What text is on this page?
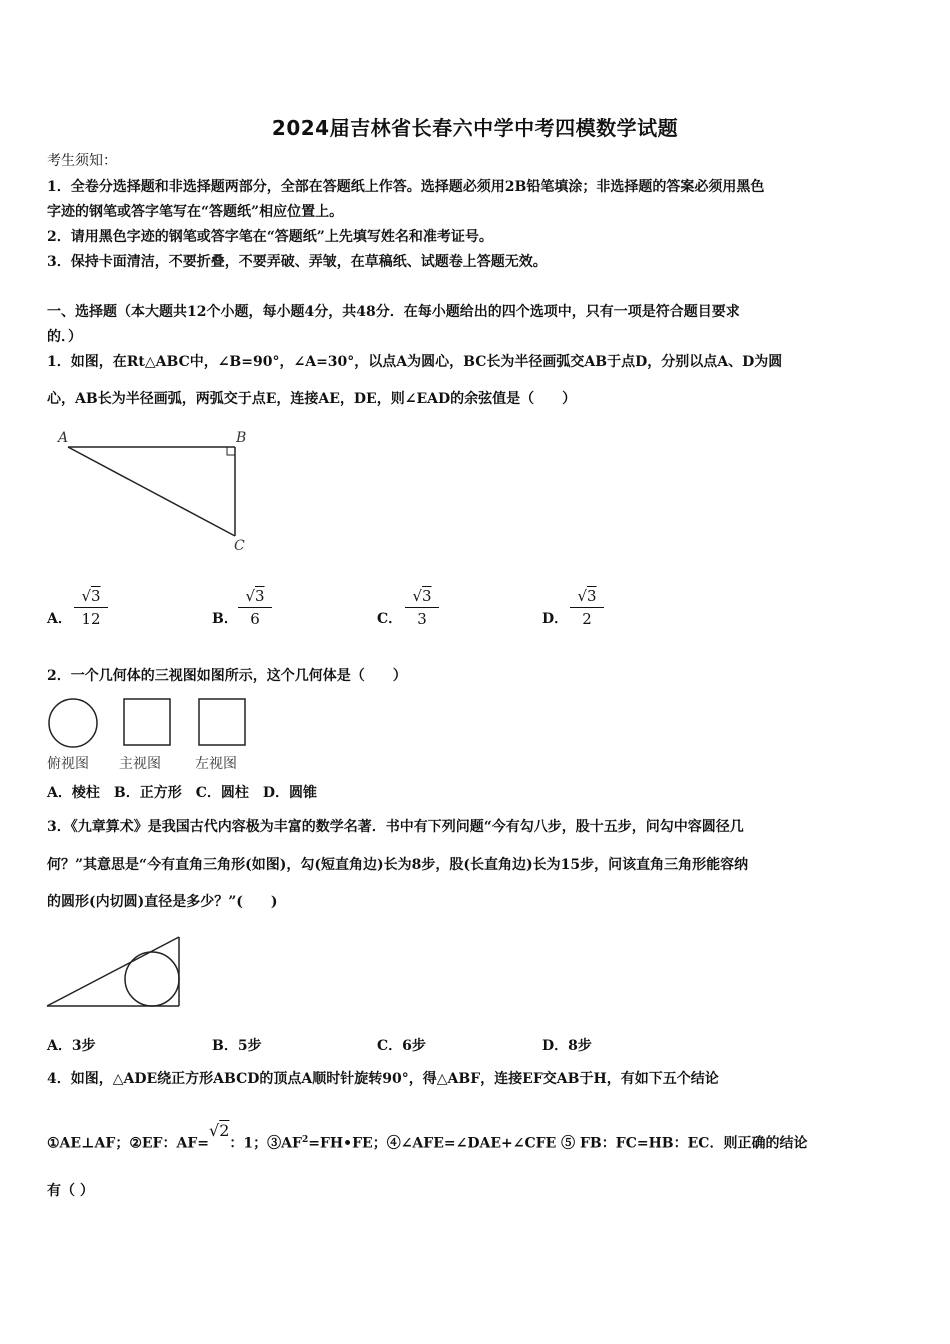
2024届吉林省长春六中学中考四模数学试题
考生须知：
1．全卷分选择题和非选择题两部分，全部在答题纸上作答。选择题必须用2B铅笔填涂；非选择题的答案必须用黑色
字迹的钢笔或答字笔写在“答题纸”相应位置上。
2．请用黑色字迹的钢笔或答字笔在“答题纸”上先填写姓名和准考证号。
3．保持卡面清洁，不要折叠，不要弄破、弄皱，在草稿纸、试题卷上答题无效。
一、选择题（本大题共12个小题，每小题4分，共48分．在每小题给出的四个选项中，只有一项是符合题目要求
的．）
1．如图，在Rt△ABC中，∠B=90°，∠A=30°，以点A为圆心，BC长为半径画弧交AB于点D，分别以点A、D为圆
心，AB长为半径画弧，两弧交于点E，连接AE，DE，则∠EAD的余弦值是（　　）
A	B
C
A． $\frac{√3}{12}$	B． $\frac{√3}{6}$	C． $\frac{√3}{3}$	D． $\frac{√3}{2}$
2．一个几何体的三视图如图所示，这个几何体是（　　）
俯视图 主视图 左视图
A．棱柱　B．正方形　C．圆柱　D．圆锥
3．《九章算术》是我国古代内容极为丰富的数学名著．书中有下列问题“今有勾八步，股十五步，问勾中容圆径几
何？”其意思是“今有直角三角形(如图)，勾(短直角边)长为8步，股(长直角边)长为15步，问该直角三角形能容纳
的圆形(内切圆)直径是多少？”(　　)
A．3步	B．5步	C．6步	D．8步
4．如图，△ADE绕正方形ABCD的顶点A顺时针旋转90°，得△ABF，连接EF交AB于H，有如下五个结论
①AE⊥AF；②EF：AF=√2：1；$③AF^2=FH•FE$；④∠AFE=∠DAE+∠CFE ⑤ FB：FC=HB：EC．则正确的结论
有（ ）
